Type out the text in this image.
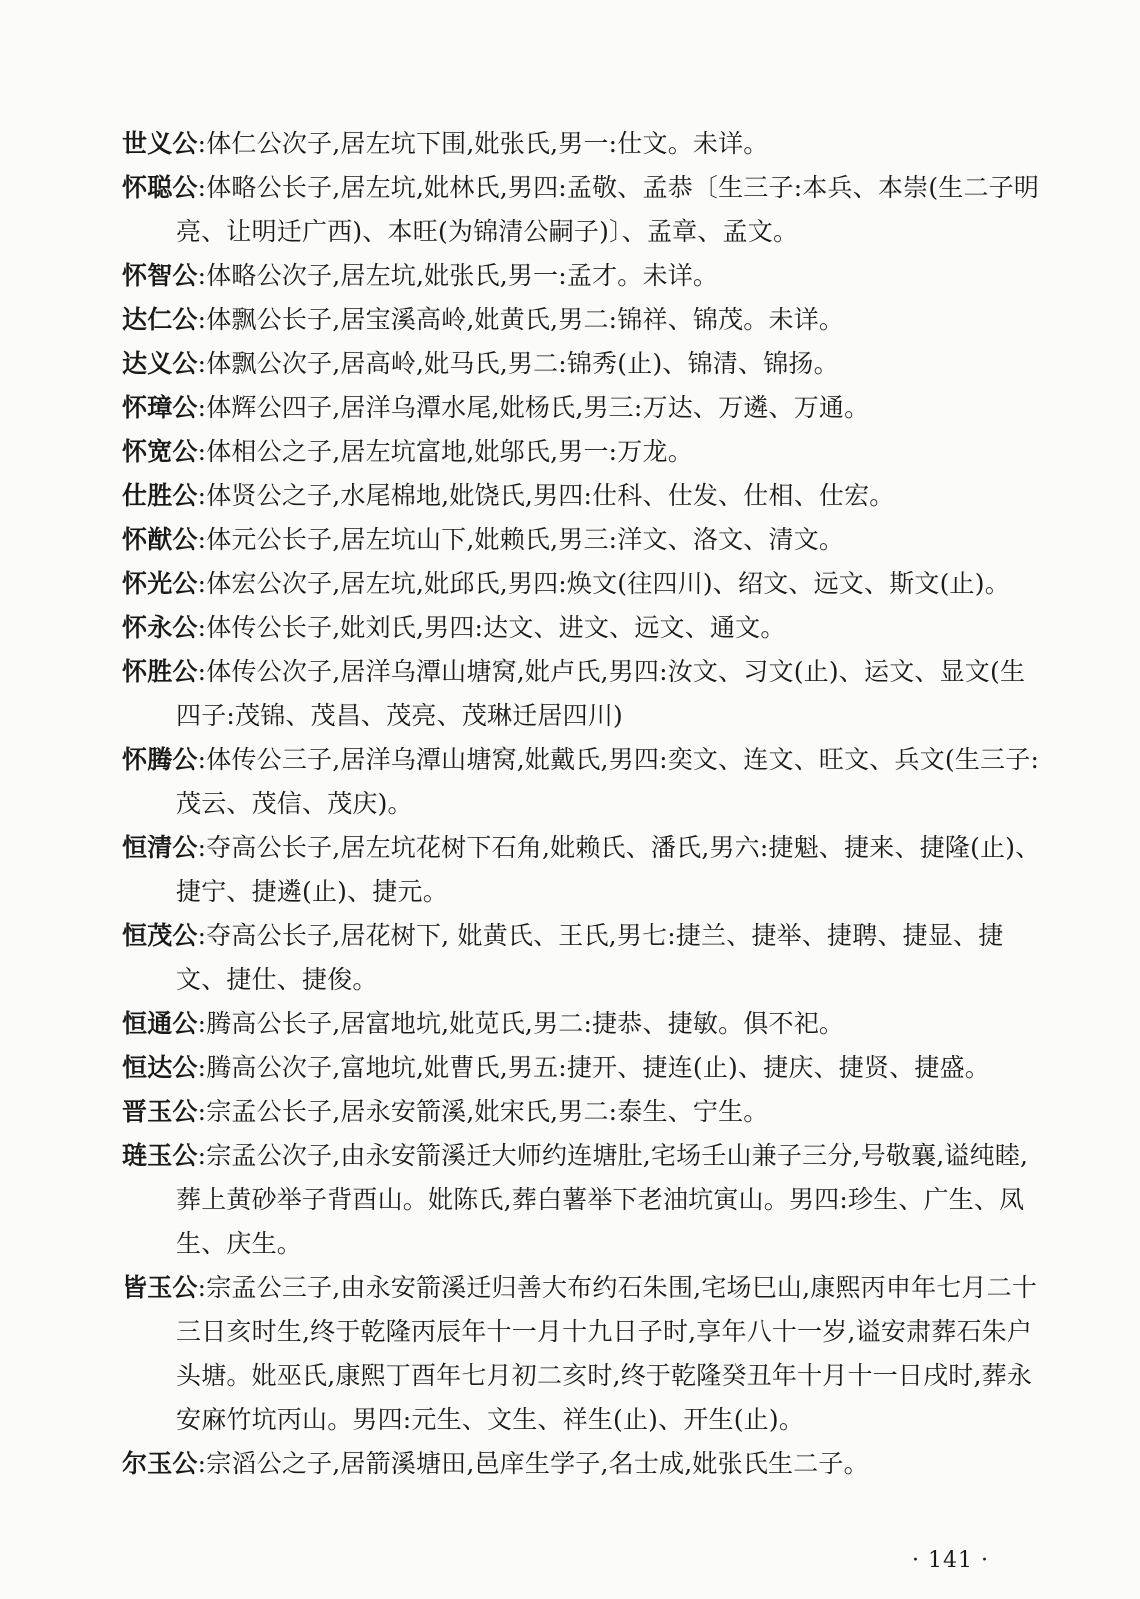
世义公:体仁公次子,居左坑下围,妣张氏,男一:仕文。未详。

怀聪公:体略公长子,居左坑,妣林氏,男四:孟敬、孟恭〔生三子:本兵、本崇(生二子明亮、让明迁广西)、本旺(为锦清公嗣子)〕、孟章、孟文。

怀智公:体略公次子,居左坑,妣张氏,男一:孟才。未详。

达仁公:体飘公长子,居宝溪高岭,妣黄氏,男二:锦祥、锦茂。未详。

达义公:体飘公次子,居高岭,妣马氏,男二:锦秀(止)、锦清、锦扬。

怀璋公:体辉公四子,居洋乌潭水尾,妣杨氏,男三:万达、万遴、万通。

怀宽公:体相公之子,居左坑富地,妣邬氏,男一:万龙。

仕胜公:体贤公之子,水尾棉地,妣饶氏,男四:仕科、仕发、仕相、仕宏。

怀猷公:体元公长子,居左坑山下,妣赖氏,男三:洋文、洛文、清文。

怀光公:体宏公次子,居左坑,妣邱氏,男四:焕文(往四川)、绍文、远文、斯文(止)。

怀永公:体传公长子,妣刘氏,男四:达文、进文、远文、通文。

怀胜公:体传公次子,居洋乌潭山塘窝,妣卢氏,男四:汝文、习文(止)、运文、显文(生四子:茂锦、茂昌、茂亮、茂琳迁居四川)

怀腾公:体传公三子,居洋乌潭山塘窝,妣戴氏,男四:奕文、连文、旺文、兵文(生三子:茂云、茂信、茂庆)。

恒清公:夺高公长子,居左坑花树下石角,妣赖氏、潘氏,男六:捷魁、捷来、捷隆(止)、捷宁、捷遴(止)、捷元。

恒茂公:夺高公长子,居花树下, 妣黄氏、王氏,男七:捷兰、捷举、捷聘、捷显、捷文、捷仕、捷俊。

恒通公:腾高公长子,居富地坑,妣苋氏,男二:捷恭、捷敏。俱不祀。

恒达公:腾高公次子,富地坑,妣曹氏,男五:捷开、捷连(止)、捷庆、捷贤、捷盛。

晋玉公:宗孟公长子,居永安箭溪,妣宋氏,男二:泰生、宁生。

琏玉公:宗孟公次子,由永安箭溪迁大师约连塘肚,宅场壬山兼子三分,号敬襄,谥纯睦,葬上黄砂举子背酉山。妣陈氏,葬白薯举下老油坑寅山。男四:珍生、广生、凤生、庆生。

皆玉公:宗孟公三子,由永安箭溪迁归善大布约石朱围,宅场巳山,康熙丙申年七月二十三日亥时生,终于乾隆丙辰年十一月十九日子时,享年八十一岁,谥安肃葬石朱户头塘。妣巫氏,康熙丁酉年七月初二亥时,终于乾隆癸丑年十月十一日戌时,葬永安麻竹坑丙山。男四:元生、文生、祥生(止)、开生(止)。

尔玉公:宗滔公之子,居箭溪塘田,邑庠生学子,名士成,妣张氏生二子。

· 141 ·
